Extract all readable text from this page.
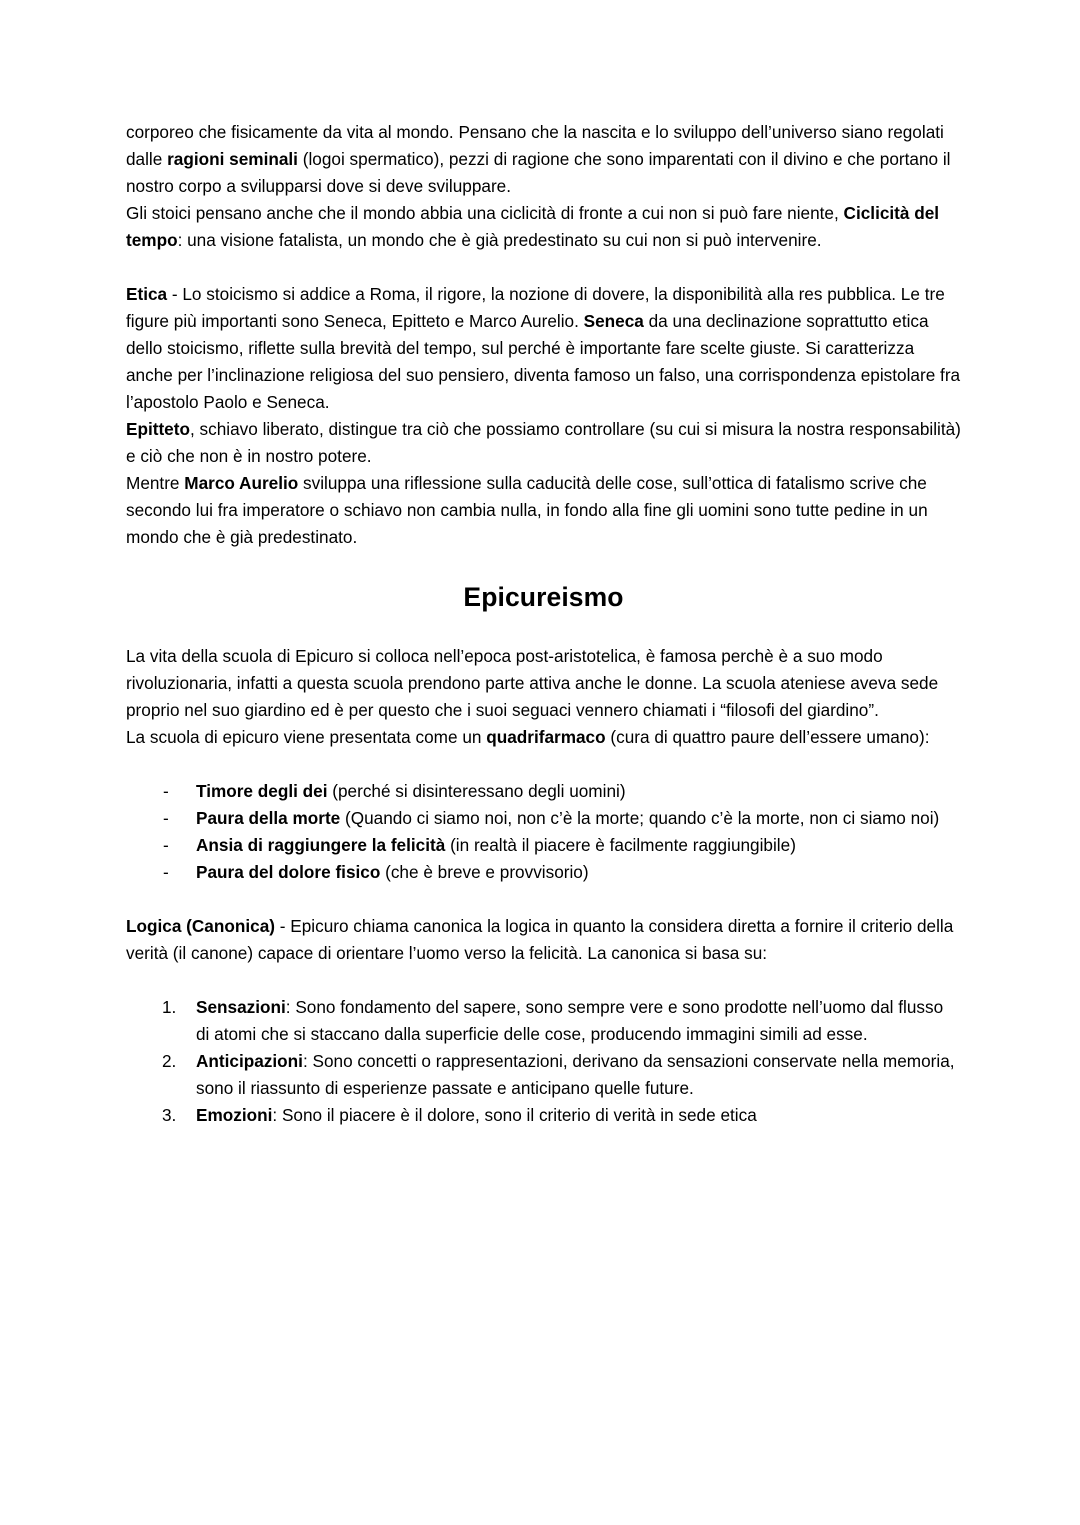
corporeo che fisicamente da vita al mondo. Pensano che la nascita e lo sviluppo dell’universo siano regolati dalle ragioni seminali (logoi spermatico), pezzi di ragione che sono imparentati con il divino e che portano il nostro corpo a svilupparsi dove si deve sviluppare.

Gli stoici pensano anche che il mondo abbia una ciclicità di fronte a cui non si può fare niente, Ciclicità del tempo: una visione fatalista, un mondo che è già predestinato su cui non si può intervenire.

Etica - Lo stoicismo si addice a Roma, il rigore, la nozione di dovere, la disponibilità alla res pubblica. Le tre figure più importanti sono Seneca, Epitteto e Marco Aurelio. Seneca da una declinazione soprattutto etica dello stoicismo, riflette sulla brevità del tempo, sul perché è importante fare scelte giuste. Si caratterizza anche per l’inclinazione religiosa del suo pensiero, diventa famoso un falso, una corrispondenza epistolare fra l’apostolo Paolo e Seneca.

Epitteto, schiavo liberato, distingue tra ciò che possiamo controllare (su cui si misura la nostra responsabilità) e ciò che non è in nostro potere.

Mentre Marco Aurelio sviluppa una riflessione sulla caducità delle cose, sull’ottica di fatalismo scrive che secondo lui fra imperatore o schiavo non cambia nulla, in fondo alla fine gli uomini sono tutte pedine in un mondo che è già predestinato.

Epicureismo

La vita della scuola di Epicuro si colloca nell’epoca post-aristotelica, è famosa perchè è a suo modo rivoluzionaria, infatti a questa scuola prendono parte attiva anche le donne. La scuola ateniese aveva sede proprio nel suo giardino ed è per questo che i suoi seguaci vennero chiamati i “filosofi del giardino”.

La scuola di epicuro viene presentata come un quadrifarmaco (cura di quattro paure dell’essere umano):

- Timore degli dei (perché si disinteressano degli uomini)
- Paura della morte (Quando ci siamo noi, non c’è la morte; quando c’è la morte, non ci siamo noi)
- Ansia di raggiungere la felicità (in realtà il piacere è facilmente raggiungibile)
- Paura del dolore fisico (che è breve e provvisorio)

Logica (Canonica) - Epicuro chiama canonica la logica in quanto la considera diretta a fornire il criterio della verità (il canone) capace di orientare l’uomo verso la felicità. La canonica si basa su:

1.	Sensazioni: Sono fondamento del sapere, sono sempre vere e sono prodotte nell’uomo dal flusso di atomi che si staccano dalla superficie delle cose, producendo immagini simili ad esse.
2.	Anticipazioni: Sono concetti o rappresentazioni, derivano da sensazioni conservate nella memoria, sono il riassunto di esperienze passate e anticipano quelle future.
3.	Emozioni: Sono il piacere è il dolore, sono il criterio di verità in sede etica
